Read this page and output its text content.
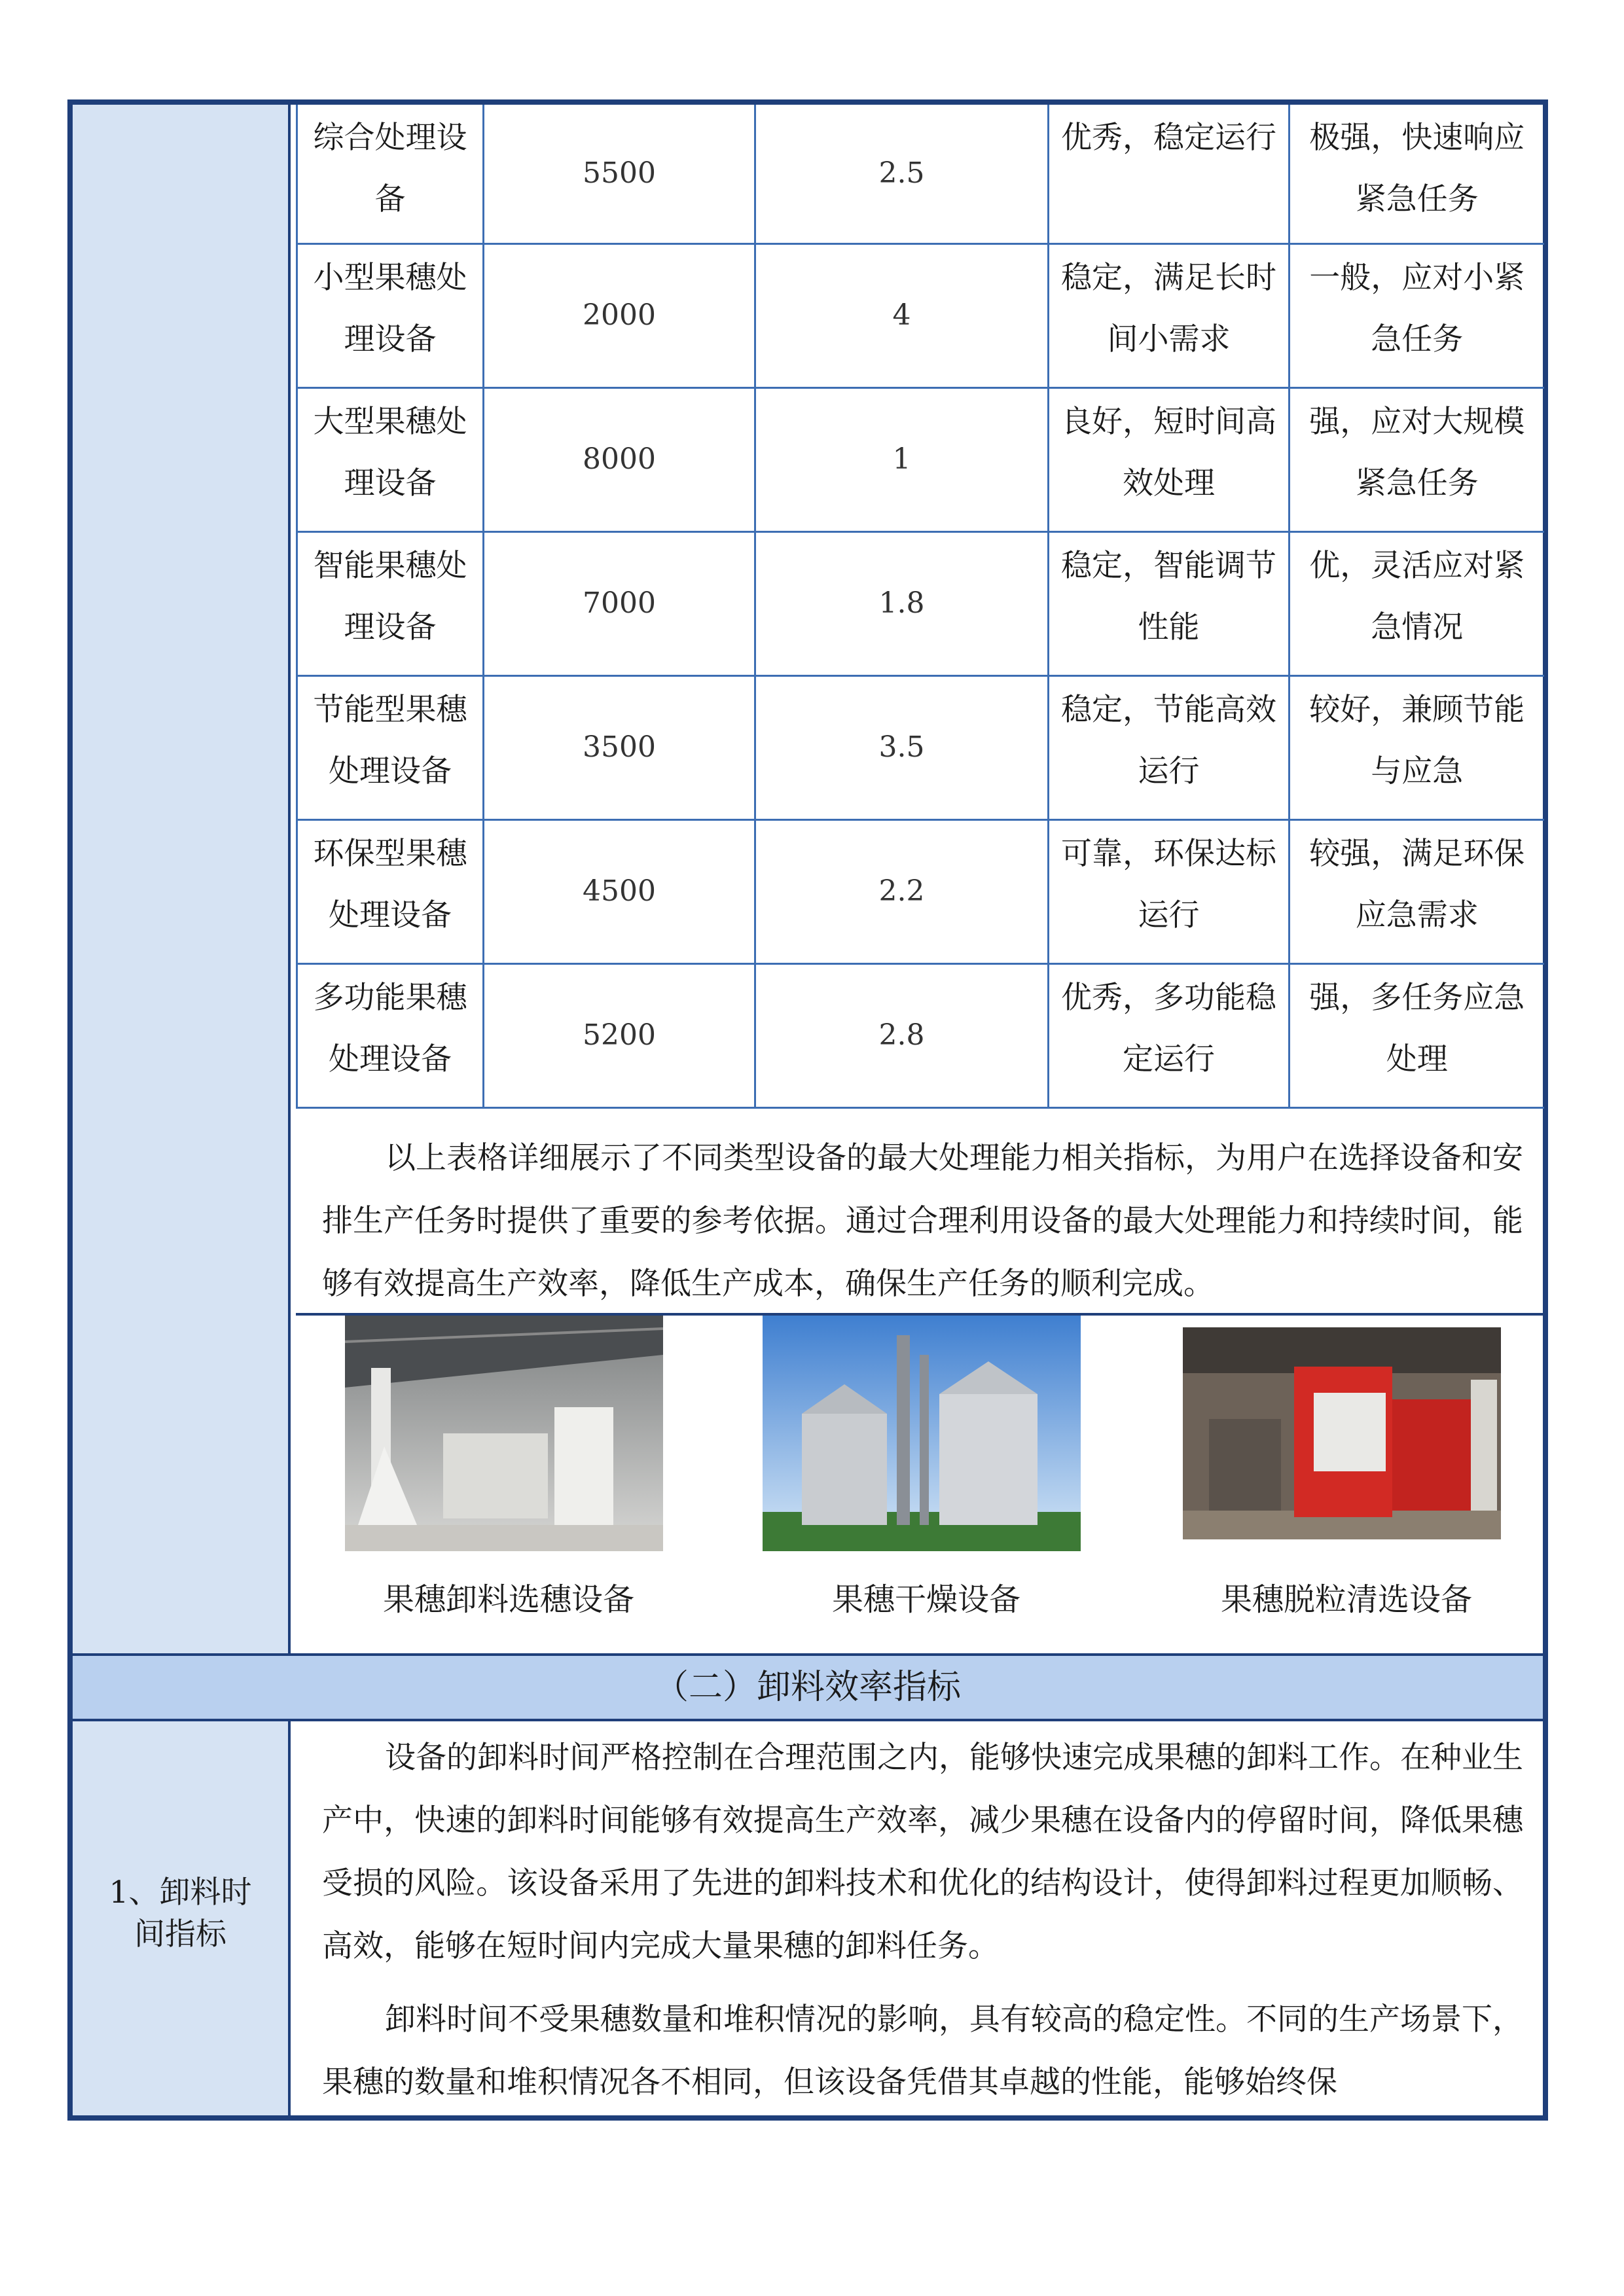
综合处理设备	5500	2.5	优秀，稳定运行	极强，快速响应紧急任务
小型果穗处理设备	2000	4	稳定，满足长时间小需求	一般，应对小紧急任务
大型果穗处理设备	8000	1	良好，短时间高效处理	强，应对大规模紧急任务
智能果穗处理设备	7000	1.8	稳定，智能调节性能	优，灵活应对紧急情况
节能型果穗处理设备	3500	3.5	稳定，节能高效运行	较好，兼顾节能与应急
环保型果穗处理设备	4500	2.2	可靠，环保达标运行	较强，满足环保应急需求
多功能果穗处理设备	5200	2.8	优秀，多功能稳定运行	强，多任务应急处理
以上表格详细展示了不同类型设备的最大处理能力相关指标，为用户在选择设备和安排生产任务时提供了重要的参考依据。通过合理利用设备的最大处理能力和持续时间，能够有效提高生产效率，降低生产成本，确保生产任务的顺利完成。
果穗卸料选穗设备	果穗干燥设备	果穗脱粒清选设备
（二）卸料效率指标
1、卸料时间指标

设备的卸料时间严格控制在合理范围之内，能够快速完成果穗的卸料工作。在种业生产中，快速的卸料时间能够有效提高生产效率，减少果穗在设备内的停留时间，降低果穗受损的风险。该设备采用了先进的卸料技术和优化的结构设计，使得卸料过程更加顺畅、高效，能够在短时间内完成大量果穗的卸料任务。

卸料时间不受果穗数量和堆积情况的影响，具有较高的稳定性。不同的生产场景下，果穗的数量和堆积情况各不相同，但该设备凭借其卓越的性能，能够始终保
